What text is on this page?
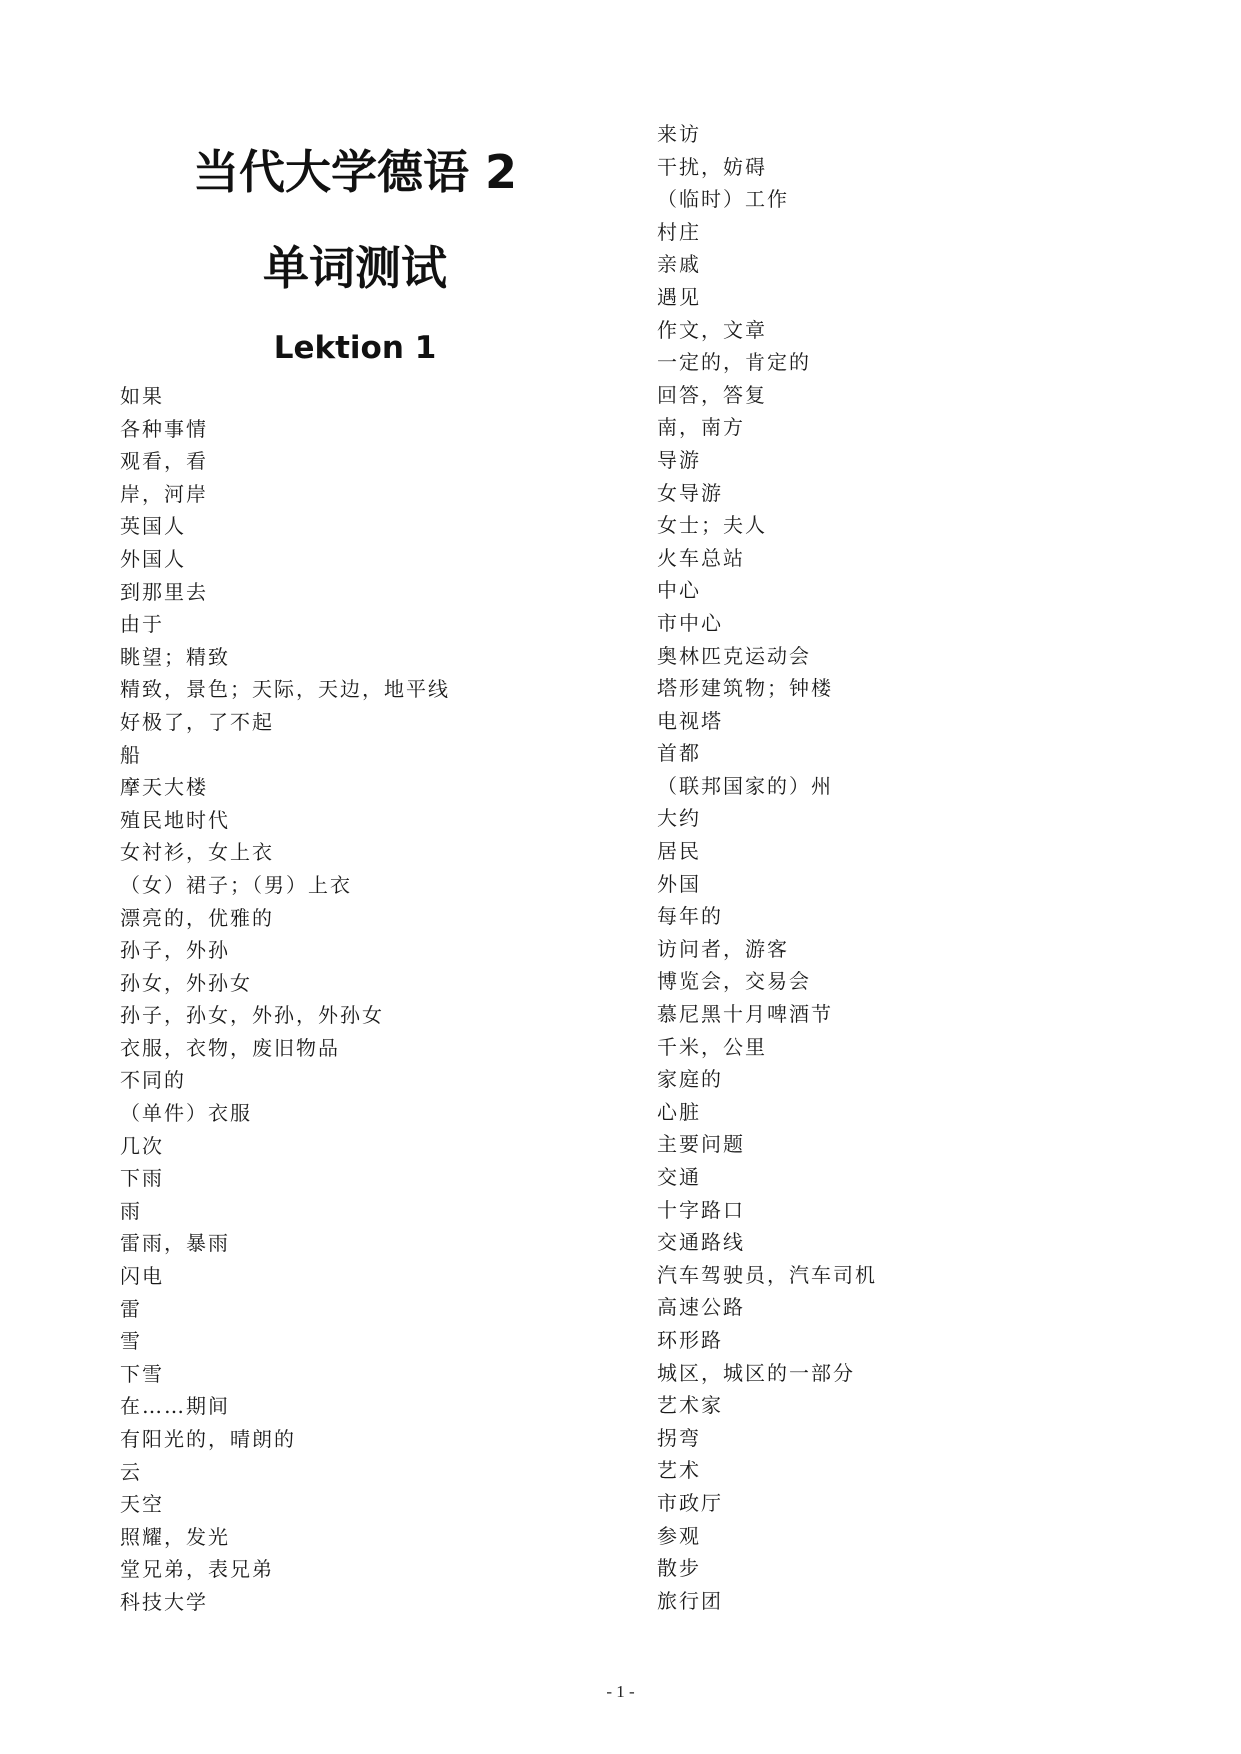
当代大学德语 2
单词测试
Lektion 1
如果
各种事情
观看，看
岸，河岸
英国人
外国人
到那里去
由于
眺望；精致
精致，景色；天际，天边，地平线
好极了，了不起
船
摩天大楼
殖民地时代
女衬衫，女上衣
（女）裙子；（男）上衣
漂亮的，优雅的
孙子，外孙
孙女，外孙女
孙子，孙女，外孙，外孙女
衣服，衣物，废旧物品
不同的
（单件）衣服
几次
下雨
雨
雷雨，暴雨
闪电
雷
雪
下雪
在……期间
有阳光的，晴朗的
云
天空
照耀，发光
堂兄弟，表兄弟
科技大学
来访
干扰，妨碍
（临时）工作
村庄
亲戚
遇见
作文，文章
一定的，肯定的
回答，答复
南，南方
导游
女导游
女士；夫人
火车总站
中心
市中心
奥林匹克运动会
塔形建筑物；钟楼
电视塔
首都
（联邦国家的）州
大约
居民
外国
每年的
访问者，游客
博览会，交易会
慕尼黑十月啤酒节
千米，公里
家庭的
心脏
主要问题
交通
十字路口
交通路线
汽车驾驶员，汽车司机
高速公路
环形路
城区，城区的一部分
艺术家
拐弯
艺术
市政厅
参观
散步
旅行团
- 1 -
